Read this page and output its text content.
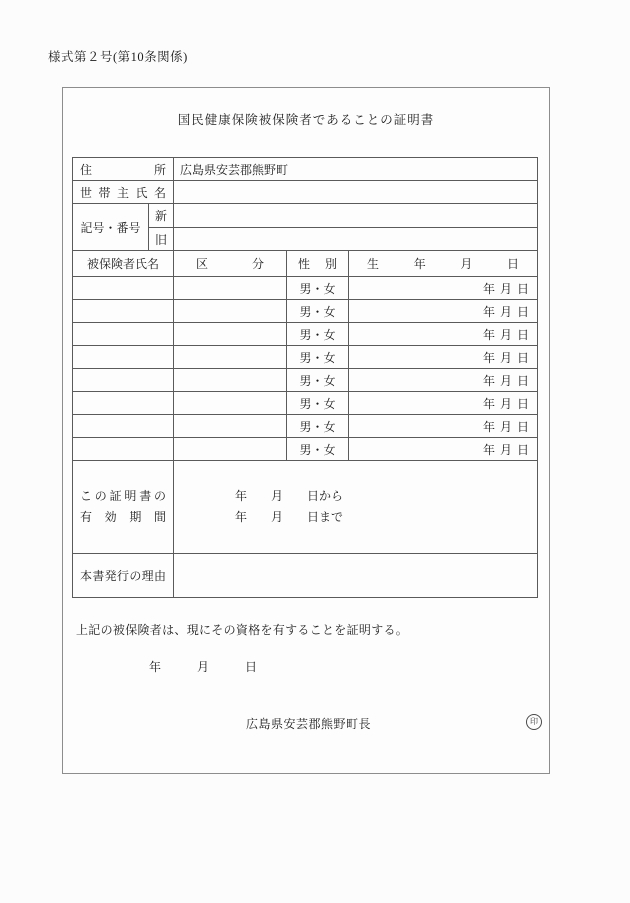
様式第２号(第10条関係)
国民健康保険被保険者であることの証明書
住所		広島県安芸郡熊野町		

世帯主氏名				

記号・番号	新			
	旧			
被保険者氏名		区分	性別	生年月日

			男・女	年 月 日
			男・女	年 月 日
			男・女	年 月 日
			男・女	年 月 日
			男・女	年 月 日
			男・女	年 月 日
			男・女	年 月 日
			男・女	年 月 日

この証明書の
有効期間

年　　月　　日から
年　　月　　日まで

本書発行の理由				

上記の被保険者は、現にその資格を有することを証明する。
年　　　月　　　日
広島県安芸郡熊野町長	印
